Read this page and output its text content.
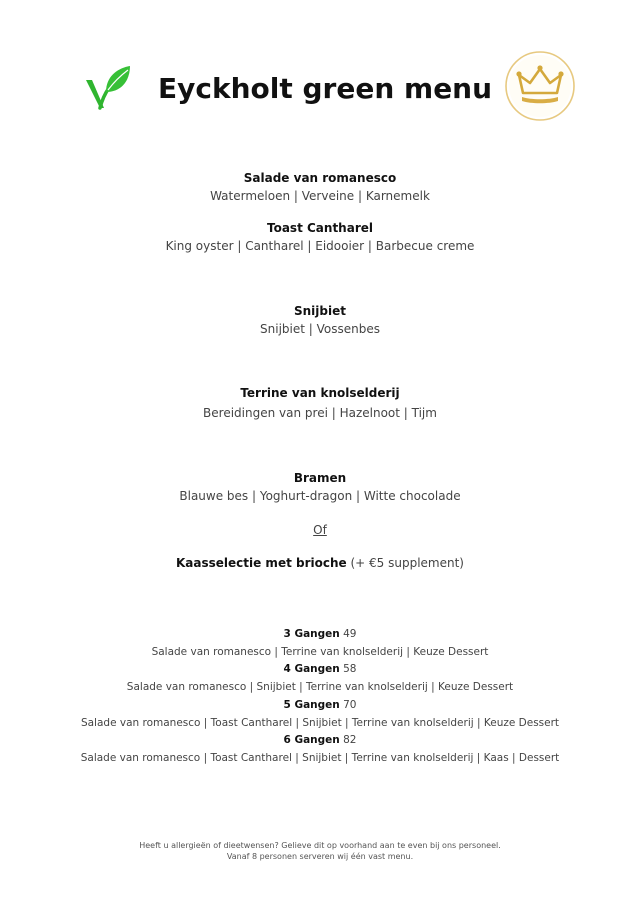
Eyckholt green menu
Salade van romanesco
Watermeloen | Verveine | Karnemelk
Toast Cantharel
King oyster | Cantharel | Eidooier | Barbecue creme
Snijbiet
Snijbiet | Vossenbes
Terrine van knolselderij
Bereidingen van prei | Hazelnoot | Tijm
Bramen
Blauwe bes | Yoghurt-dragon | Witte chocolade
Of
Kaasselectie met brioche (+ €5 supplement)
3 Gangen 49
Salade van romanesco | Terrine van knolselderij | Keuze Dessert
4 Gangen 58
Salade van romanesco | Snijbiet | Terrine van knolselderij | Keuze Dessert
5 Gangen 70
Salade van romanesco | Toast Cantharel | Snijbiet | Terrine van knolselderij | Keuze Dessert
6 Gangen 82
Salade van romanesco | Toast Cantharel | Snijbiet | Terrine van knolselderij | Kaas | Dessert
Heeft u allergieën of dieetwensen? Gelieve dit op voorhand aan te even bij ons personeel.
Vanaf 8 personen serveren wij één vast menu.
